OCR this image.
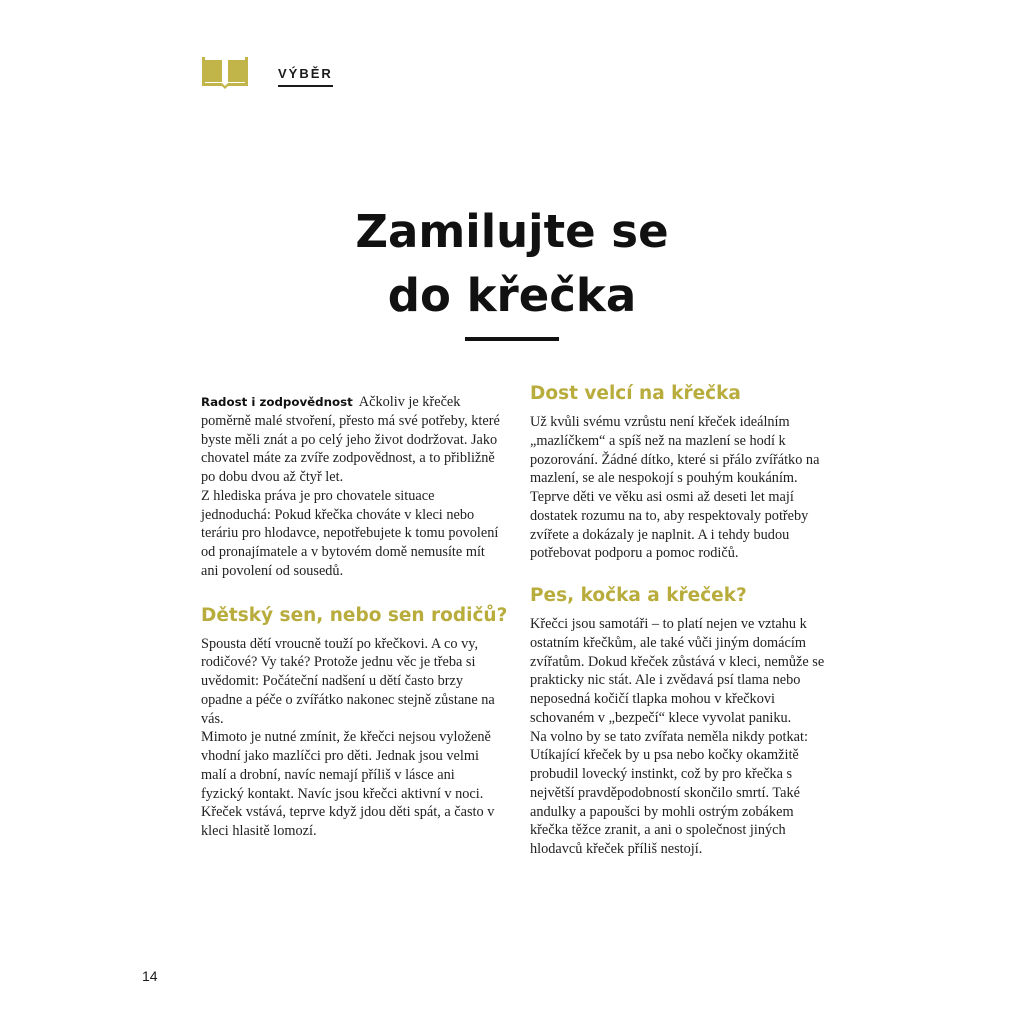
VÝBĚR
Zamilujte se
do křečka

Radost i zodpovědnost Ačkoliv je křeček poměrně malé stvoření, přesto má své potřeby, které byste měli znát a po celý jeho život dodržovat. Jako chovatel máte za zvíře zodpovědnost, a to přibližně po dobu dvou až čtyř let.

Z hlediska práva je pro chovatele situace jednoduchá: Pokud křečka chováte v kleci nebo teráriu pro hlodavce, nepotřebujete k tomu povolení od pronajímatele a v bytovém domě nemusíte mít ani povolení od sousedů.

Dětský sen, nebo sen rodičů?

Spousta dětí vroucně touží po křečkovi. A co vy, rodičové? Vy také? Protože jednu věc je třeba si uvědomit: Počáteční nadšení u dětí často brzy opadne a péče o zvířátko nakonec stejně zůstane na vás.

Mimoto je nutné zmínit, že křečci nejsou vyloženě vhodní jako mazlíčci pro děti. Jednak jsou velmi malí a drobní, navíc nemají příliš v lásce ani fyzický kontakt. Navíc jsou křečci aktivní v noci. Křeček vstává, teprve když jdou děti spát, a často v kleci hlasitě lomozí.

Dost velcí na křečka

Už kvůli svému vzrůstu není křeček ideálním „mazlíčkem“ a spíš než na mazlení se hodí k pozorování. Žádné dítko, které si přálo zvířátko na mazlení, se ale nespokojí s pouhým koukáním. Teprve děti ve věku asi osmi až deseti let mají dostatek rozumu na to, aby respektovaly potřeby zvířete a dokázaly je naplnit. A i tehdy budou potřebovat podporu a pomoc rodičů.

Pes, kočka a křeček?

Křečci jsou samotáři – to platí nejen ve vztahu k ostatním křečkům, ale také vůči jiným domácím zvířatům. Dokud křeček zůstává v kleci, nemůže se prakticky nic stát. Ale i zvědavá psí tlama nebo neposedná kočičí tlapka mohou v křečkovi schovaném v „bezpečí“ klece vyvolat paniku.

Na volno by se tato zvířata neměla nikdy potkat: Utíkající křeček by u psa nebo kočky okamžitě probudil lovecký instinkt, což by pro křečka s největší pravděpodobností skončilo smrtí. Také andulky a papoušci by mohli ostrým zobákem křečka těžce zranit, a ani o společnost jiných hlodavců křeček příliš nestojí.

14
